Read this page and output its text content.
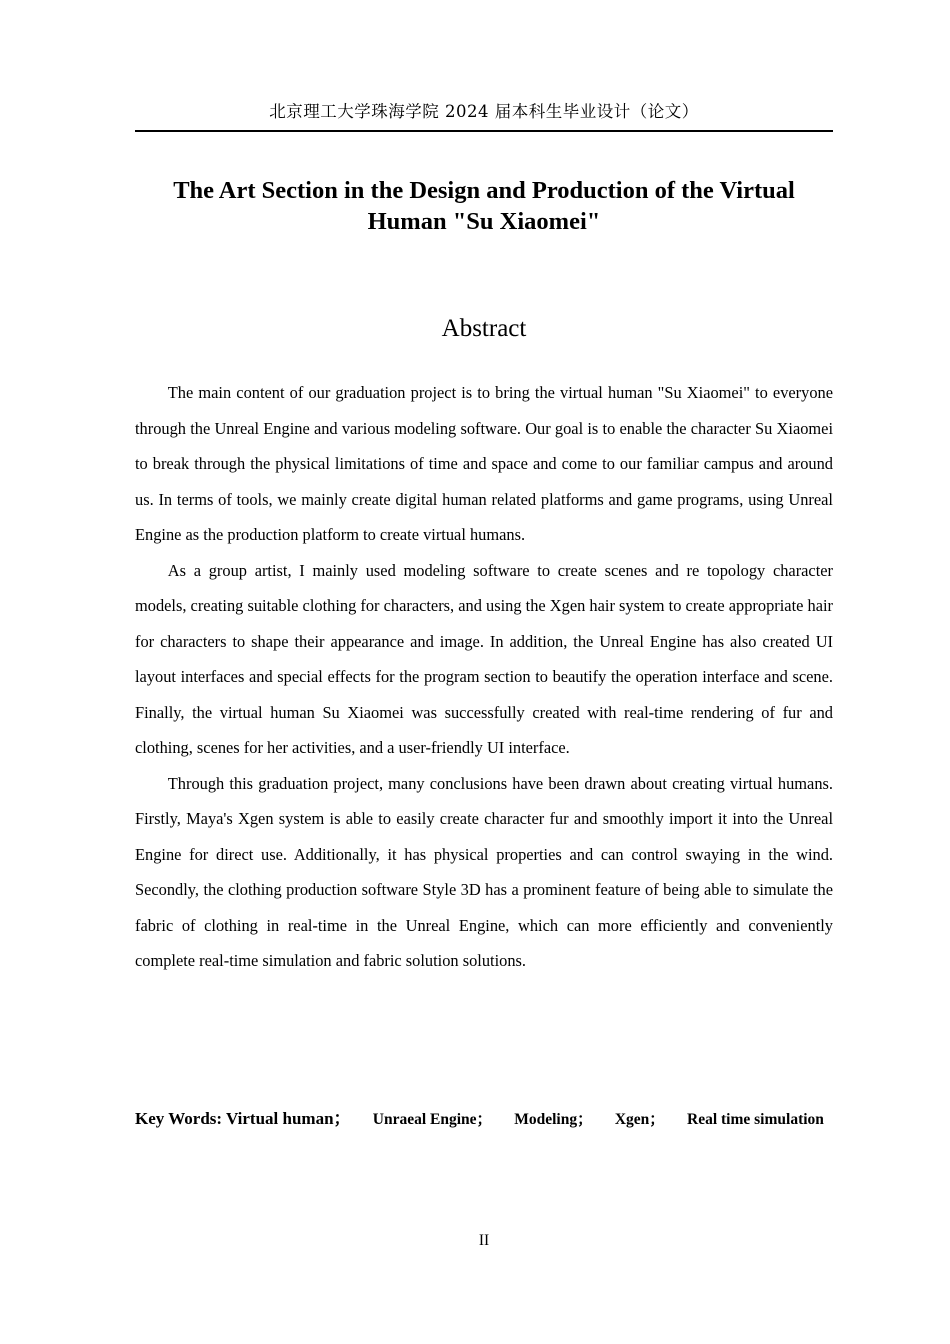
北京理工大学珠海学院 2024 届本科生毕业设计（论文）
The Art Section in the Design and Production of the Virtual Human "Su Xiaomei"
Abstract

The main content of our graduation project is to bring the virtual human "Su Xiaomei" to everyone through the Unreal Engine and various modeling software. Our goal is to enable the character Su Xiaomei to break through the physical limitations of time and space and come to our familiar campus and around us. In terms of tools, we mainly create digital human related platforms and game programs, using Unreal Engine as the production platform to create virtual humans.

As a group artist, I mainly used modeling software to create scenes and re topology character models, creating suitable clothing for characters, and using the Xgen hair system to create appropriate hair for characters to shape their appearance and image. In addition, the Unreal Engine has also created UI layout interfaces and special effects for the program section to beautify the operation interface and scene. Finally, the virtual human Su Xiaomei was successfully created with real-time rendering of fur and clothing, scenes for her activities, and a user-friendly UI interface.

Through this graduation project, many conclusions have been drawn about creating virtual humans. Firstly, Maya's Xgen system is able to easily create character fur and smoothly import it into the Unreal Engine for direct use. Additionally, it has physical properties and can control swaying in the wind. Secondly, the clothing production software Style 3D has a prominent feature of being able to simulate the fabric of clothing in real-time in the Unreal Engine, which can more efficiently and conveniently complete real-time simulation and fabric solution solutions.

Key Words: Virtual human； Unraeal Engine； Modeling； Xgen； Real time simulation
II
